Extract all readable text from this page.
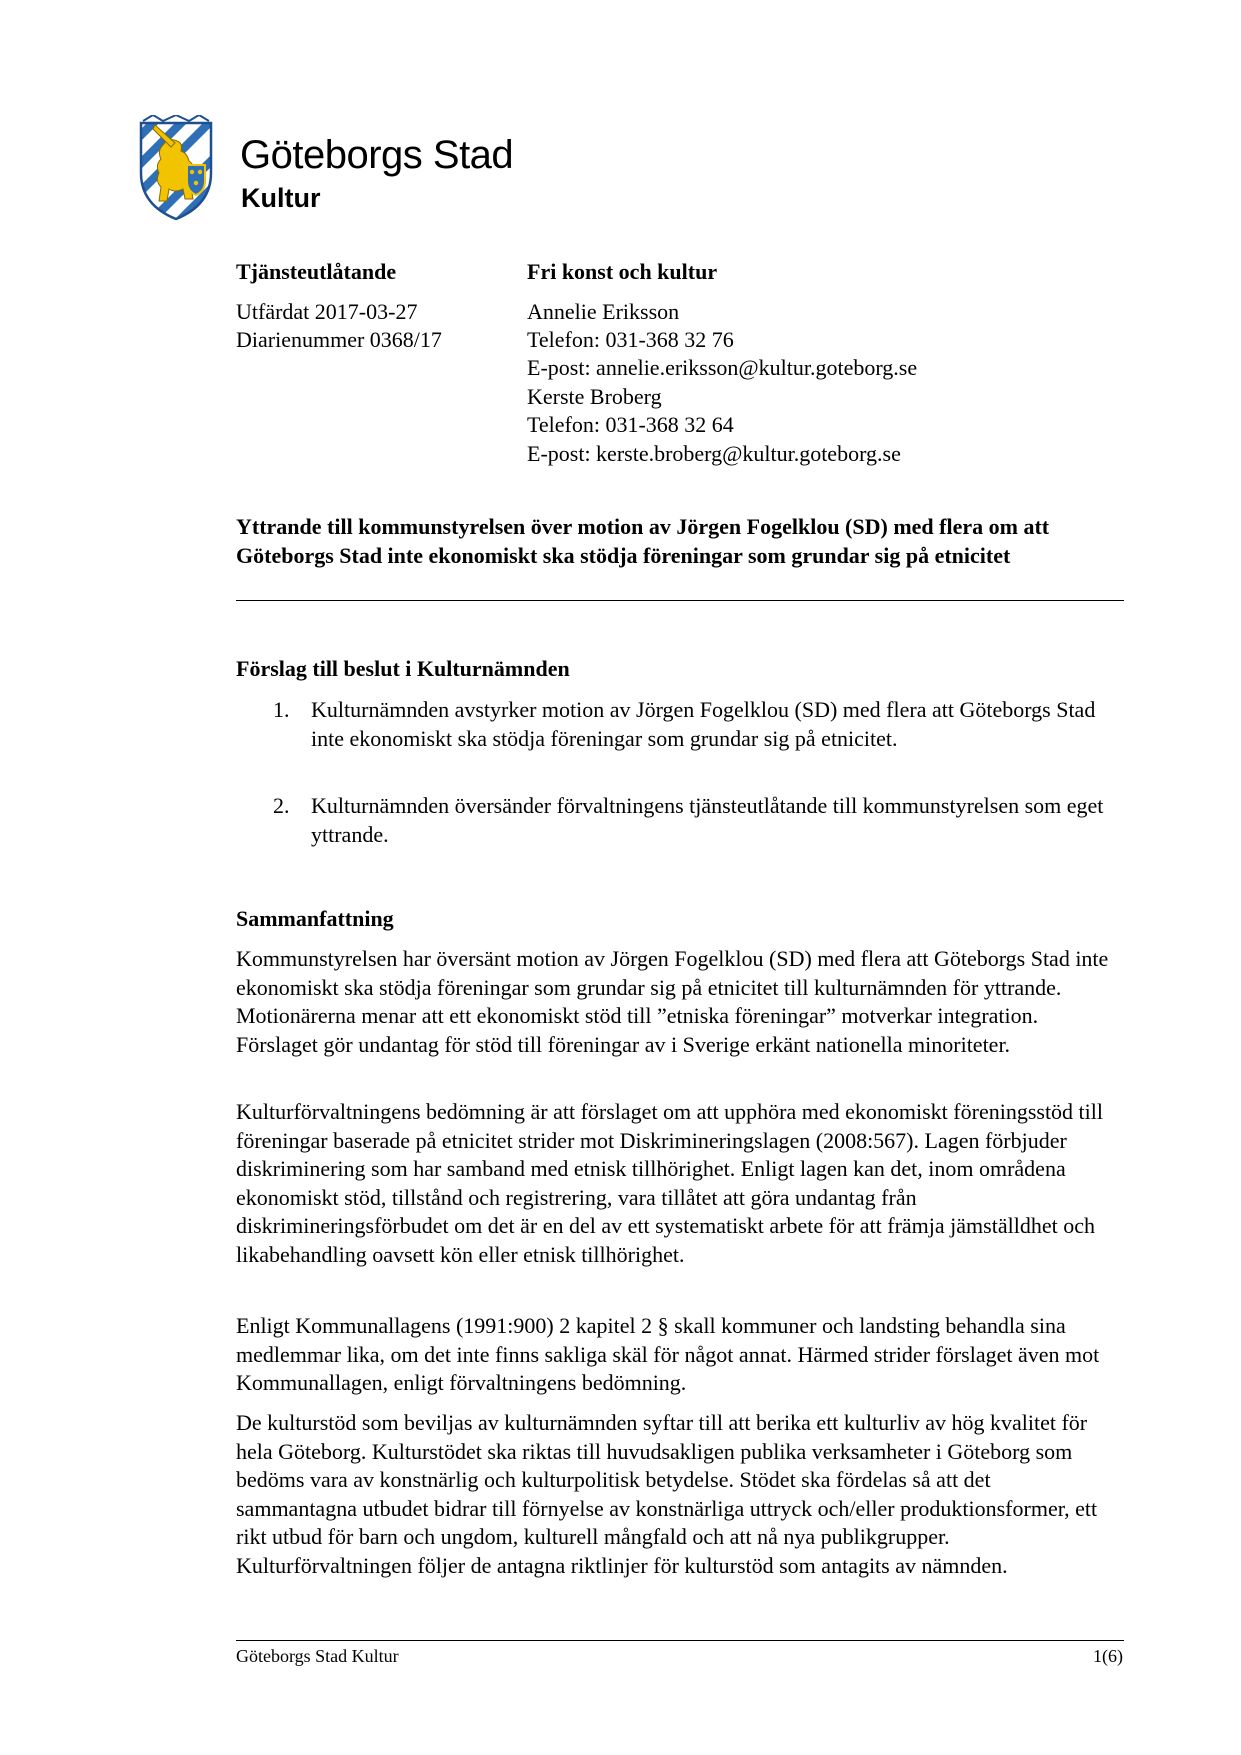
Göteborgs Stad
Kultur
Tjänsteutlåtande
Utfärdat 2017-03-27
Diarienummer 0368/17
Fri konst och kultur
Annelie Eriksson
Telefon: 031-368 32 76
E-post: annelie.eriksson@kultur.goteborg.se
Kerste Broberg
Telefon: 031-368 32 64
E-post: kerste.broberg@kultur.goteborg.se
Yttrande till kommunstyrelsen över motion av Jörgen Fogelklou (SD) med flera om att Göteborgs Stad inte ekonomiskt ska stödja föreningar som grundar sig på etnicitet
Förslag till beslut i Kulturnämnden
1. Kulturnämnden avstyrker motion av Jörgen Fogelklou (SD) med flera att Göteborgs Stad inte ekonomiskt ska stödja föreningar som grundar sig på etnicitet.
2. Kulturnämnden översänder förvaltningens tjänsteutlåtande till kommunstyrelsen som eget yttrande.
Sammanfattning
Kommunstyrelsen har översänt motion av Jörgen Fogelklou (SD) med flera att Göteborgs Stad inte ekonomiskt ska stödja föreningar som grundar sig på etnicitet till kulturnämnden för yttrande. Motionärerna menar att ett ekonomiskt stöd till ”etniska föreningar” motverkar integration. Förslaget gör undantag för stöd till föreningar av i Sverige erkänt nationella minoriteter.
Kulturförvaltningens bedömning är att förslaget om att upphöra med ekonomiskt föreningsstöd till föreningar baserade på etnicitet strider mot Diskrimineringslagen (2008:567). Lagen förbjuder diskriminering som har samband med etnisk tillhörighet. Enligt lagen kan det, inom områdena ekonomiskt stöd, tillstånd och registrering, vara tillåtet att göra undantag från diskrimineringsförbudet om det är en del av ett systematiskt arbete för att främja jämställdhet och likabehandling oavsett kön eller etnisk tillhörighet.
Enligt Kommunallagens (1991:900) 2 kapitel 2 § skall kommuner och landsting behandla sina medlemmar lika, om det inte finns sakliga skäl för något annat. Härmed strider förslaget även mot Kommunallagen, enligt förvaltningens bedömning.
De kulturstöd som beviljas av kulturnämnden syftar till att berika ett kulturliv av hög kvalitet för hela Göteborg. Kulturstödet ska riktas till huvudsakligen publika verksamheter i Göteborg som bedöms vara av konstnärlig och kulturpolitisk betydelse. Stödet ska fördelas så att det sammantagna utbudet bidrar till förnyelse av konstnärliga uttryck och/eller produktionsformer, ett rikt utbud för barn och ungdom, kulturell mångfald och att nå nya publikgrupper. Kulturförvaltningen följer de antagna riktlinjer för kulturstöd som antagits av nämnden.
Göteborgs Stad Kultur	1(6)
